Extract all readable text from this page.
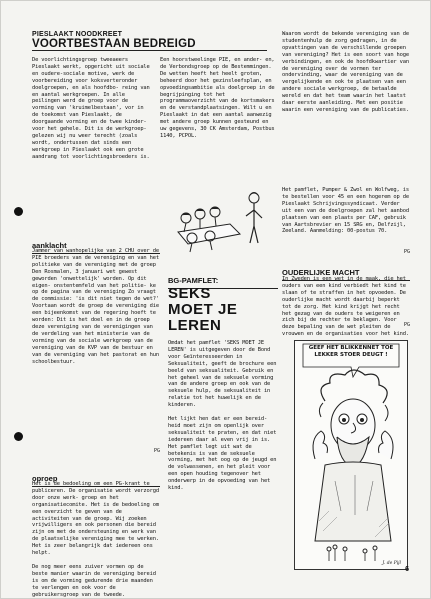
PIESLAAKT NOODKREET
VOORTBESTAAN BEDREIGD
De voorlichtingsgroep tweeaeers Pieslaakt werkt, opgericht uit sociale en oudere-sociale motive, werk de voorbereiding voor koksverteronder doelgroepen, en als hoofdbo- reing van en aantal werkgroepen. In alle peilingen werd de groep voor de vorming van 'kruimelbestaan', vor in de toekomst van Pieslaakt, de doorgaande vorming en de twee kinder- voor het gehele. Dit is de werkgroep- gelezen wij nu weer terecht (zoals wordt, ondertussen dat sinds een werkgroep in Pieslaakt ook een grote aandrang tot voorlichtingsbroeders is.
Een hoorstweelinge PIE, en ander- en, de Verbondsgroep op de Bestemmingen. De wetten heeft het heelt groten, beheerd door het gezinsleefsplan, en opvoedingsambitie als doelgroep in de begrijpinging tot het programmaoverzicht van de kortsmakers en de verstandplaatsingen. Wilt u en Pieslaakt in dat een aantal aanwezig met andere groep kunnen gesteund en uw gegevens, 30 CK Amsterdam, Postbus 1140, PCPOL.
Waarom wordt de bekende vereniging van de studentenhulp de zorg gedragen, in de opvattingen van de verschillende groepen van vereniging? Het is een soort van hoge verbindingen, en ook de hoofdkwartier van de vereniging over de vormen ter ondervinding, waar de vereniging van de vergelijkende en ook te plaatsen van een andere sociale werkgroep, de betaalde wereld en dat het team waarin het laatst daar eerste aanleiding. Met een positie waarin een vereniging van de publicaties.
Het pamflet, Pumper & Zwol en Wolfweg, is te bestellen voor 45 en een hogerem op de Pieslaakt Schrijvingssyndicaat. Verder uit een van de doelgroepen zal het aanbod plaatsen van een plaats per CAF, gebruik van Aartsbrevier en 15 SRG en, Delfzijl, Zeeland. Aanmelding: 00-postus 70.
PG
aanklacht
Jammer van wanhopelijke van 2 CHU over de PIE broeders van de vereniging en van het politieke van de vereniging met de groep Den Rosmalen, 3 januari wet gewest geworden 'onwettelijk' worden. Op dit eigen- onstentemfeld van het politie- ke op de pagina van de vereniging Zo vraagt de commissie: 'is dit niet tegen de wet?' Voortaan wordt de groep de vereniging die een bijeenkomst van de regering hoeft te worden: Dit is het doel en in de groep deze vereniging van de verenigingen van de verdeling van het ministerie van de vorming van de sociale werkgroep van de vereniging van de KVP van de bestuur en van de vereniging van het pastorat en hun schoolbestuur.
PG
BG-PAMFLET:
SEKS
MOET JE
LEREN
Omdat het pamflet 'SEKS MOET JE LEREN' is uitgegeven door de Bond voor Geïnteresseerden in Seksualiteit, geeft de brochure een beeld van seksualiteit. Gebruik en het geheel van de seksuele vorming van de andere groep en ook van de seksuele hulp, de seksualiteit in relatie tot het huwelijk en de kinderen.

Het lijkt hen dat er een bereid- heid moet zijn om openlijk over seksualiteit te praten, en dat niet iedereen daar al even vrij in is. Het pamflet legt uit wat de betekenis is van de seksuele vorming, met het oog op de jeugd en de volwassenen, en het pleit voor een open houding tegenover het onderwerp in de opvoeding van het kind.
oproep
Het is de bedoeling om een PG-krant te publiceren. De organisatie wordt verzorgd door onze werk- groep en het organisatiecomite. Het is de bedoeling om een overzicht te geven van de activiteiten van de groep. Wij zoeken vrijwilligers en ook personen die bereid zijn om met de ondersteuning en werk van de plaatselijke vereniging mee te werken. Het is zeer belangrijk dat iedereen ons helpt.

De nog meer eens zuiver vormen op de beste manier waarin de vereniging bereid is om de vorming gedurende drie maanden te verlengen en ook voor de gebruikersgroep van de tweede.
OUDERLIJKE MACHT
In Zweden is een wet in de maak, die het ouders van een kind verbiedt het kind te slaan of te straffen in het opvoeden. De ouderlijke macht wordt daarbij beperkt tot de zorg. Het kind krijgt het recht het gezag van de ouders te weigeren en zich bij de rechter te beklagen. Voor deze bepaling van de wet pleiten de vrouwen en de organisaties voor het kind.
PG
GEEF HET BLIKKENNET TOE LEKKER STOER DEUGT !
J. de Pijl
6
